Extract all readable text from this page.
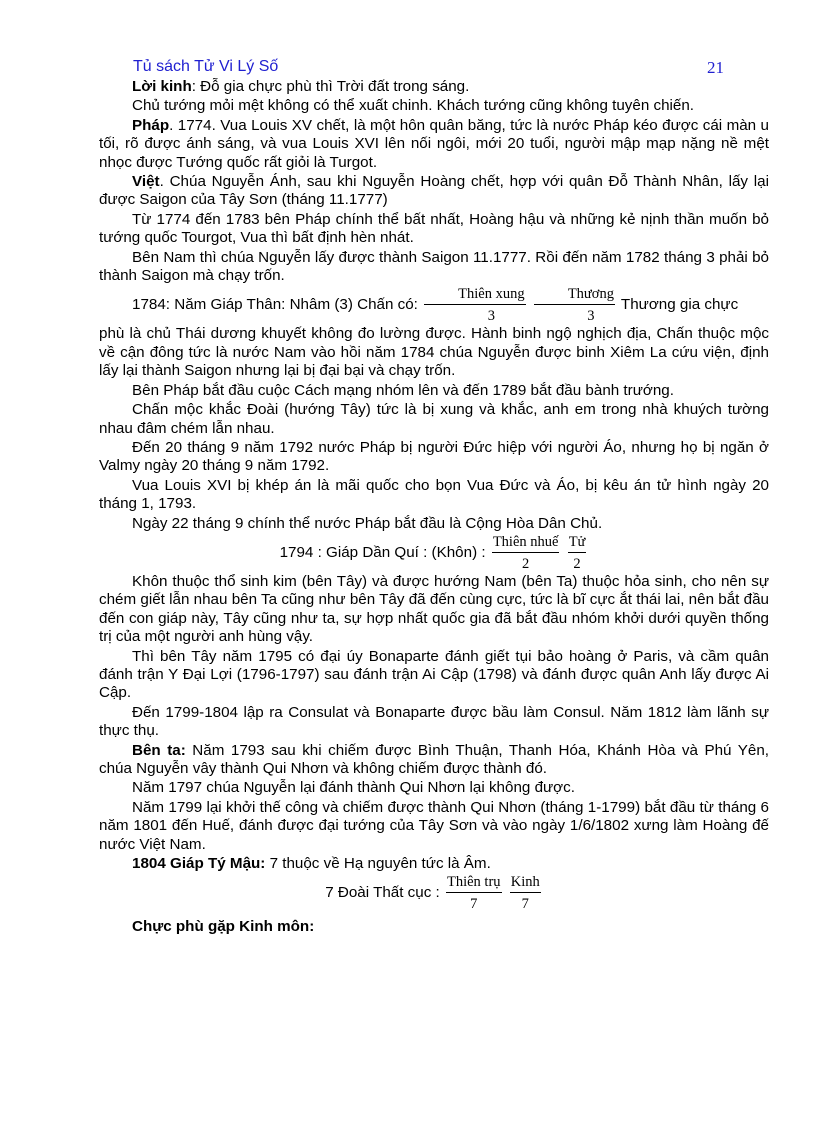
Tủ sách Tử Vi Lý Số	21

Lời kinh: Đỗ gia chực phù thì Trời đất trong sáng.

Chủ tướng mỏi mệt không có thể xuất chinh. Khách tướng cũng không tuyên chiến.

Pháp. 1774. Vua Louis XV chết, là một hôn quân băng, tức là nước Pháp kéo được cái màn u tối, rõ được ánh sáng, và vua Louis XVI lên nối ngôi, mới 20 tuổi, người mập mạp nặng nề mệt nhọc được Tướng quốc rất giỏi là Turgot.

Việt. Chúa Nguyễn Ánh, sau khi Nguyễn Hoàng chết, hợp với quân Đỗ Thành Nhân, lấy lại được Saigon của Tây Sơn (tháng 11.1777)

Từ 1774 đến 1783 bên Pháp chính thể bất nhất, Hoàng hậu và những kẻ nịnh thần muốn bỏ tướng quốc Tourgot, Vua thì bất định hèn nhát.

Bên Nam thì chúa Nguyễn lấy được thành Saigon 11.1777. Rồi đến năm 1782 tháng 3 phải bỏ thành Saigon mà chạy trốn.

1784: Năm Giáp Thân: Nhâm (3) Chấn có: $\frac{\text{Thiên xung}}{3}$
$\frac{\text{Thương}}{3}$ Thương gia chực

phù là chủ Thái dương khuyết không đo lường được. Hành binh ngộ nghịch địa, Chấn thuộc mộc về cận đông tức là nước Nam vào hồi năm 1784 chúa Nguyễn được binh Xiêm La cứu viện, định lấy lại thành Saigon nhưng lại bị đại bại và chạy trốn.

Bên Pháp bắt đầu cuộc Cách mạng nhóm lên và đến 1789 bắt đầu bành trướng.

Chấn mộc khắc Đoài (hướng Tây) tức là bị xung và khắc, anh em trong nhà khuých tường nhau đâm chém lẫn nhau.

Đến 20 tháng 9 năm 1792 nước Pháp bị người Đức hiệp với người Áo, nhưng họ bị ngăn ở Valmy ngày 20 tháng 9 năm 1792.

Vua Louis XVI bị khép án là mãi quốc cho bọn Vua Đức và Áo, bị kêu án tử hình ngày 20 tháng 1, 1793.

Ngày 22 tháng 9 chính thể nước Pháp bắt đầu là Cộng Hòa Dân Chủ.

1794 : Giáp Dần Quí : (Khôn) : $\frac{\text{Thiên nhuế}}{2}$
$\frac{\text{Tử}}{2}$

Khôn thuộc thổ sinh kim (bên Tây) và được hướng Nam (bên Ta) thuộc hỏa sinh, cho nên sự chém giết lẫn nhau bên Ta cũng như bên Tây đã đến cùng cực, tức là bĩ cực ắt thái lai, nên bắt đầu đến con giáp này, Tây cũng như ta, sự hợp nhất quốc gia đã bắt đầu nhóm khởi dưới quyền thống trị của một người anh hùng vậy.

Thì bên Tây năm 1795 có đại úy Bonaparte đánh giết tụi bảo hoàng ở Paris, và cầm quân đánh trận Y Đại Lợi (1796-1797) sau đánh trận Ai Cập (1798) và đánh được quân Anh lấy được Ai Cập.

Đến 1799-1804 lập ra Consulat và Bonaparte được bầu làm Consul. Năm 1812 làm lãnh sự thực thụ.

Bên ta: Năm 1793 sau khi chiếm được Bình Thuận, Thanh Hóa, Khánh Hòa và Phú Yên, chúa Nguyễn vây thành Qui Nhơn và không chiếm được thành đó.

Năm 1797 chúa Nguyễn lại đánh thành Qui Nhơn lại không được.

Năm 1799 lại khởi thế công và chiếm được thành Qui Nhơn (tháng 1-1799) bắt đầu từ tháng 6 năm 1801 đến Huế, đánh được đại tướng của Tây Sơn và vào ngày 1/6/1802 xưng làm Hoàng đế nước Việt Nam.

1804 Giáp Tý Mậu: 7 thuộc về Hạ nguyên tức là Âm.

7 Đoài Thất cục : $\frac{\text{Thiên trụ}}{7}$
$\frac{\text{Kinh}}{7}$

Chực phù gặp Kinh môn:
